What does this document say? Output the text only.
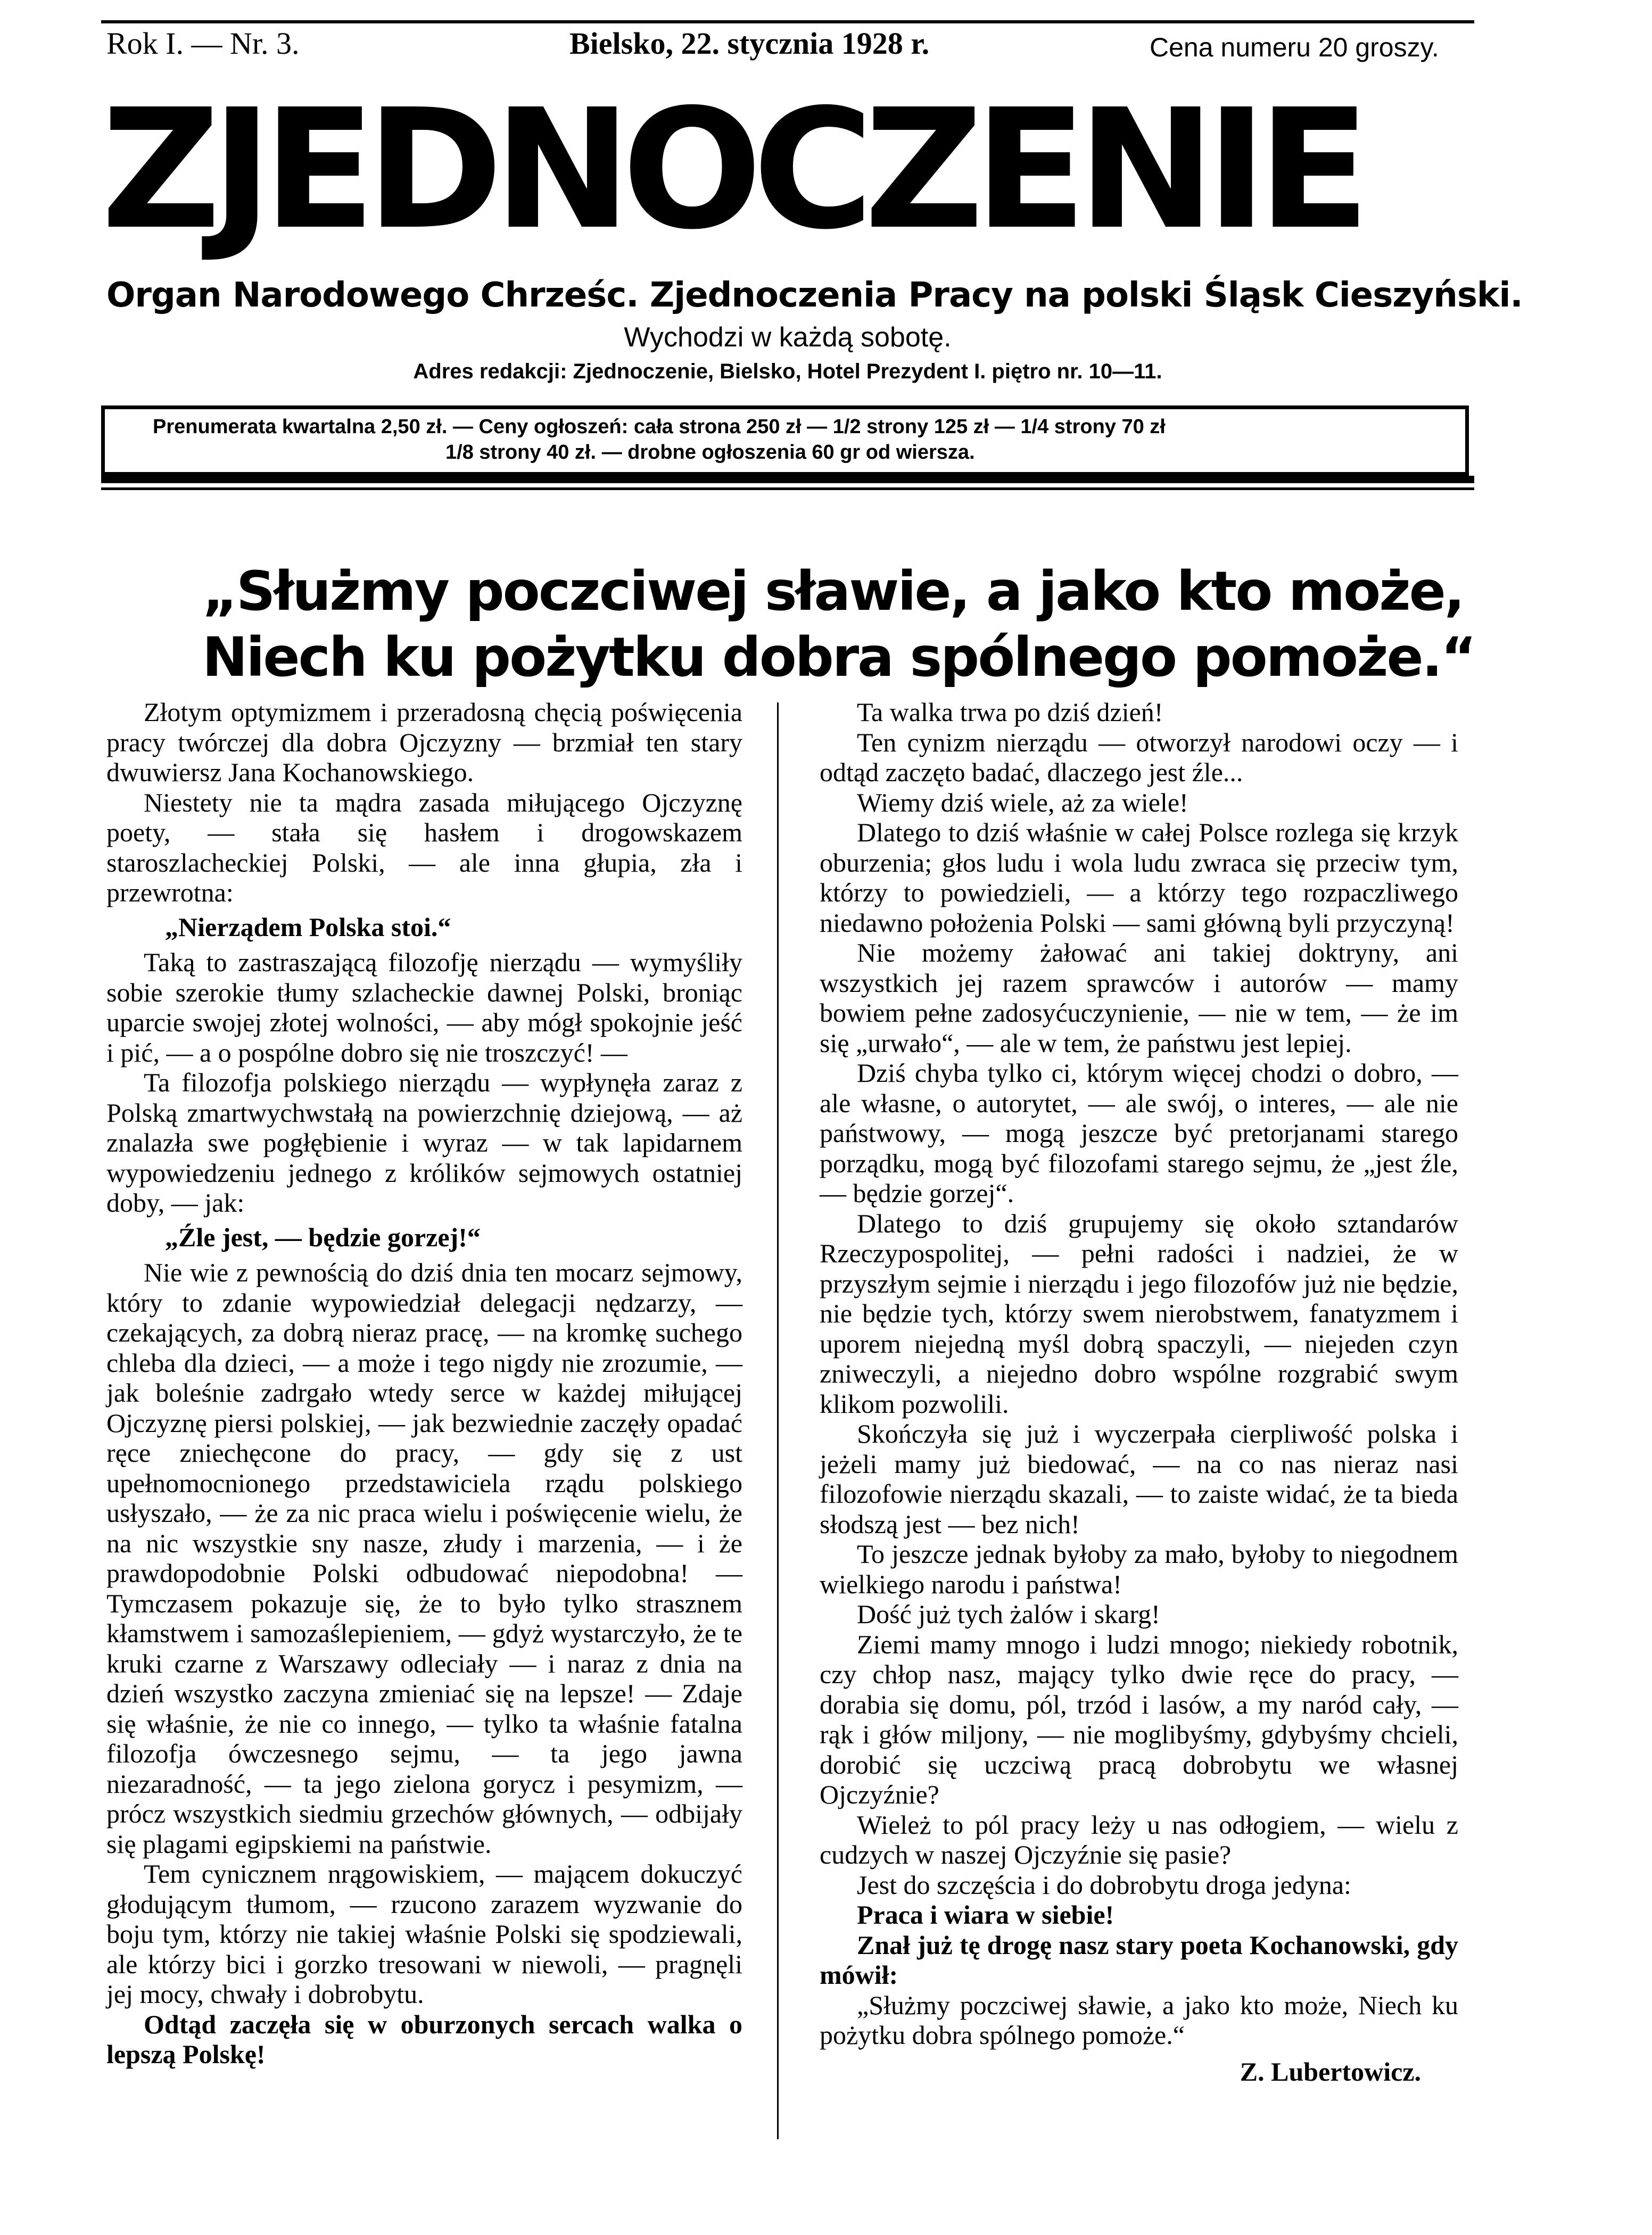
Rok I. — Nr. 3.	Bielsko, 22. stycznia 1928 r.	Cena numeru 20 groszy.
ZJEDNOCZENIE
Organ Narodowego Chrześc. Zjednoczenia Pracy na polski Śląsk Cieszyński.
Wychodzi w każdą sobotę.
Adres redakcji: Zjednoczenie, Bielsko, Hotel Prezydent I. piętro nr. 10—11.
Prenumerata kwartalna 2,50 zł. — Ceny ogłoszeń: cała strona 250 zł — 1/2 strony 125 zł — 1/4 strony 70 zł
1/8 strony 40 zł. — drobne ogłoszenia 60 gr od wiersza.
„Służmy poczciwej sławie, a jako kto może,
Niech ku pożytku dobra spólnego pomoże.“

Złotym optymizmem i przeradosną chęcią poświęcenia pracy twórczej dla dobra Ojczyzny — brzmiał ten stary dwuwiersz Jana Kochanowskiego.

Niestety nie ta mądra zasada miłującego Ojczyznę poety, — stała się hasłem i drogowskazem staroszlacheckiej Polski, — ale inna głupia, zła i przewrotna:

„Nierządem Polska stoi.“

Taką to zastraszającą filozofję nierządu — wymyśliły sobie szerokie tłumy szlacheckie dawnej Polski, broniąc uparcie swojej złotej wolności, — aby mógł spokojnie jeść i pić, — a o pospólne dobro się nie troszczyć! —

Ta filozofja polskiego nierządu — wypłynęła zaraz z Polską zmartwychwstałą na powierzchnię dziejową, — aż znalazła swe pogłębienie i wyraz — w tak lapidarnem wypowiedzeniu jednego z królików sejmowych ostatniej doby, — jak:

„Źle jest, — będzie gorzej!“

Nie wie z pewnością do dziś dnia ten mocarz sejmowy, który to zdanie wypowiedział delegacji nędzarzy, — czekających, za dobrą nieraz pracę, — na kromkę suchego chleba dla dzieci, — a może i tego nigdy nie zrozumie, — jak boleśnie zadrgało wtedy serce w każdej miłującej Ojczyznę piersi polskiej, — jak bezwiednie zaczęły opadać ręce zniechęcone do pracy, — gdy się z ust upełnomocnionego przedstawiciela rządu polskiego usłyszało, — że za nic praca wielu i poświęcenie wielu, że na nic wszystkie sny nasze, złudy i marzenia, — i że prawdopodobnie Polski odbudować niepodobna! — Tymczasem pokazuje się, że to było tylko strasznem kłamstwem i samozaślepieniem, — gdyż wystarczyło, że te kruki czarne z Warszawy odleciały — i naraz z dnia na dzień wszystko zaczyna zmieniać się na lepsze! — Zdaje się właśnie, że nie co innego, — tylko ta właśnie fatalna filozofja ówczesnego sejmu, — ta jego jawna niezaradność, — ta jego zielona gorycz i pesymizm, — prócz wszystkich siedmiu grzechów głównych, — odbijały się plagami egipskiemi na państwie.

Tem cynicznem nrągowiskiem, — mającem dokuczyć głodującym tłumom, — rzucono zarazem wyzwanie do boju tym, którzy nie takiej właśnie Polski się spodziewali, ale którzy bici i gorzko tresowani w niewoli, — pragnęli jej mocy, chwały i dobrobytu.

Odtąd zaczęła się w oburzonych sercach walka o lepszą Polskę!

Ta walka trwa po dziś dzień!

Ten cynizm nierządu — otworzył narodowi oczy — i odtąd zaczęto badać, dlaczego jest źle...

Wiemy dziś wiele, aż za wiele!

Dlatego to dziś właśnie w całej Polsce rozlega się krzyk oburzenia; głos ludu i wola ludu zwraca się przeciw tym, którzy to powiedzieli, — a którzy tego rozpaczliwego niedawno położenia Polski — sami główną byli przyczyną!

Nie możemy żałować ani takiej doktryny, ani wszystkich jej razem sprawców i autorów — mamy bowiem pełne zadosyćuczynienie, — nie w tem, — że im się „urwało“, — ale w tem, że państwu jest lepiej.

Dziś chyba tylko ci, którym więcej chodzi o dobro, — ale własne, o autorytet, — ale swój, o interes, — ale nie państwowy, — mogą jeszcze być pretorjanami starego porządku, mogą być filozofami starego sejmu, że „jest źle, — będzie gorzej“.

Dlatego to dziś grupujemy się około sztandarów Rzeczypospolitej, — pełni radości i nadziei, że w przyszłym sejmie i nierządu i jego filozofów już nie będzie, nie będzie tych, którzy swem nierobstwem, fanatyzmem i uporem niejedną myśl dobrą spaczyli, — niejeden czyn zniweczyli, a niejedno dobro wspólne rozgrabić swym klikom pozwolili.

Skończyła się już i wyczerpała cierpliwość polska i jeżeli mamy już biedować, — na co nas nieraz nasi filozofowie nierządu skazali, — to zaiste widać, że ta bieda słodszą jest — bez nich!

To jeszcze jednak byłoby za mało, byłoby to niegodnem wielkiego narodu i państwa!

Dość już tych żalów i skarg!

Ziemi mamy mnogo i ludzi mnogo; niekiedy robotnik, czy chłop nasz, mający tylko dwie ręce do pracy, — dorabia się domu, pól, trzód i lasów, a my naród cały, — rąk i głów miljony, — nie moglibyśmy, gdybyśmy chcieli, dorobić się uczciwą pracą dobrobytu we własnej Ojczyźnie?

Wieleż to pól pracy leży u nas odłogiem, — wielu z cudzych w naszej Ojczyźnie się pasie?

Jest do szczęścia i do dobrobytu droga jedyna:

Praca i wiara w siebie!

Znał już tę drogę nasz stary poeta Kochanowski, gdy mówił:

„Służmy poczciwej sławie, a jako kto może, Niech ku pożytku dobra spólnego pomoże.“

Z. Lubertowicz.
